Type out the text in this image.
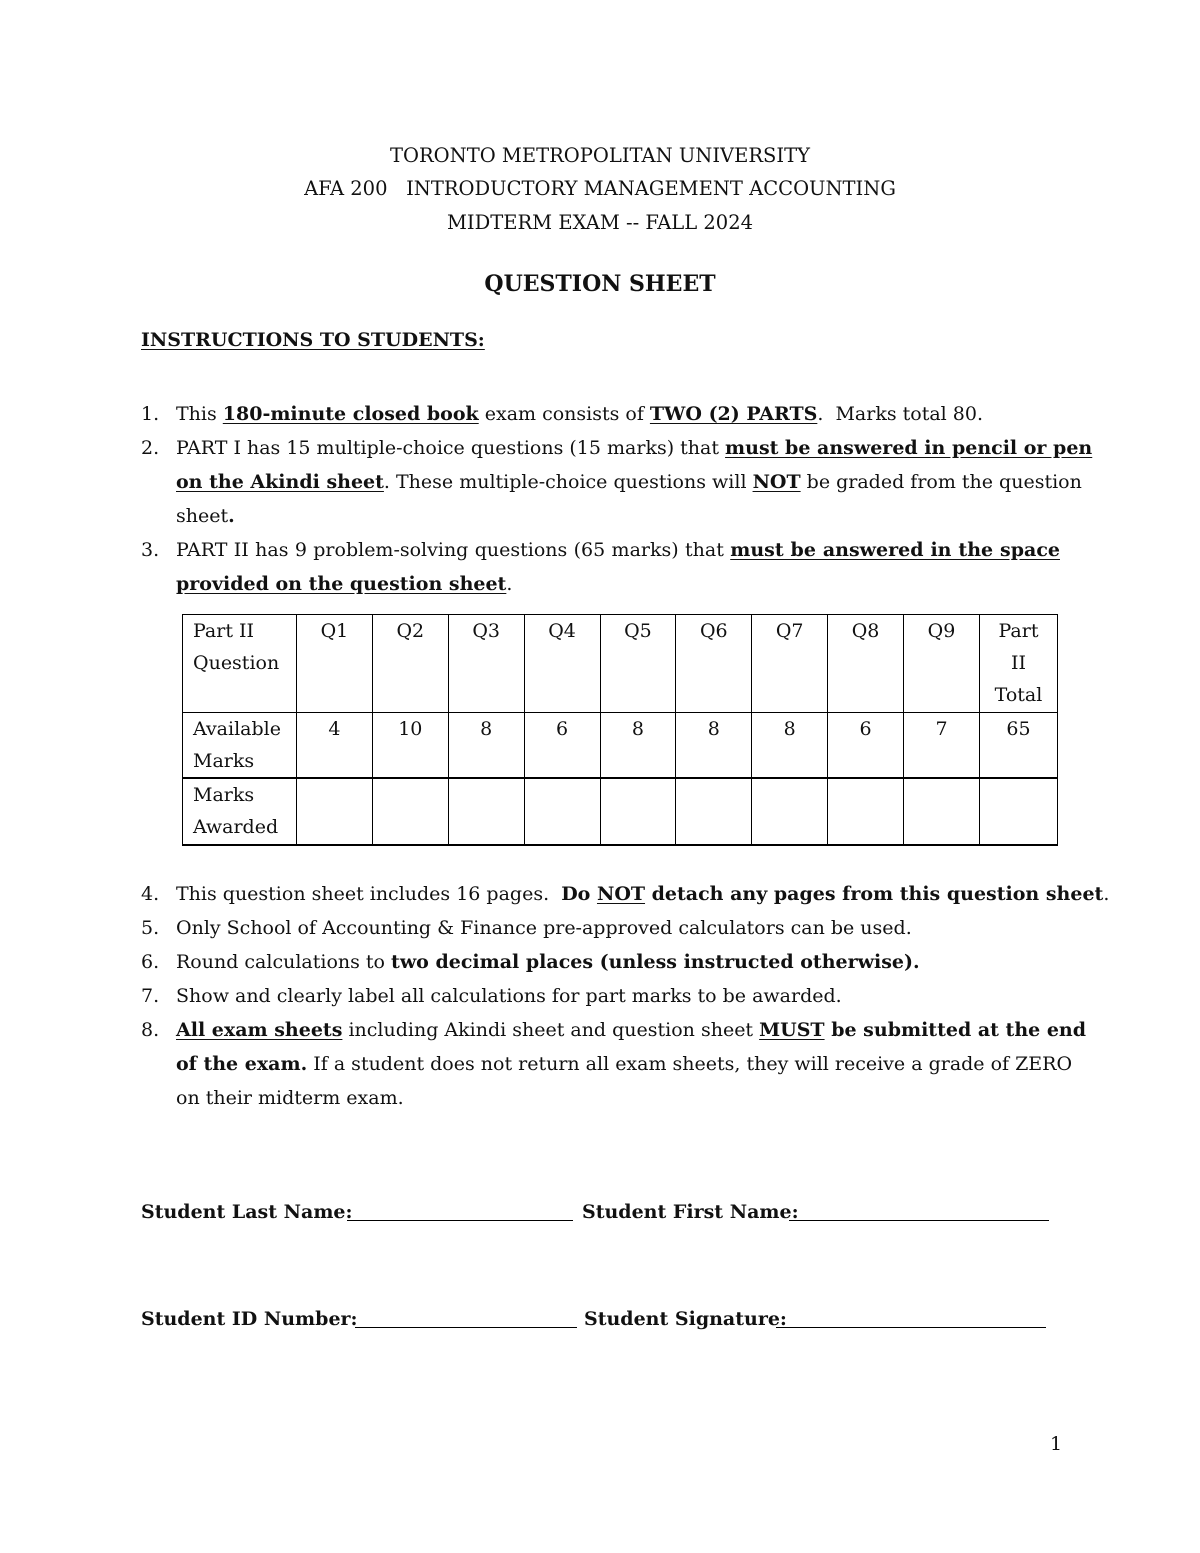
TORONTO METROPOLITAN UNIVERSITY
AFA 200   INTRODUCTORY MANAGEMENT ACCOUNTING
MIDTERM EXAM -- FALL 2024
QUESTION SHEET
INSTRUCTIONS TO STUDENTS:
1. This 180-minute closed book exam consists of TWO (2) PARTS.  Marks total 80.
2. PART I has 15 multiple-choice questions (15 marks) that must be answered in pencil or pen
on the Akindi sheet. These multiple-choice questions will NOT be graded from the question
sheet.
3. PART II has 9 problem-solving questions (65 marks) that must be answered in the space
provided on the question sheet.
Part II Question	Q1	Q2	Q3	Q4	Q5	Q6	Q7	Q8	Q9	Part II Total
Available Marks	4	10	8	6	8	8	8	6	7	65
Marks Awarded										
4. This question sheet includes 16 pages.  Do NOT detach any pages from this question sheet.
5. Only School of Accounting & Finance pre-approved calculators can be used.
6. Round calculations to two decimal places (unless instructed otherwise).
7. Show and clearly label all calculations for part marks to be awarded.
8. All exam sheets including Akindi sheet and question sheet MUST be submitted at the end
of the exam. If a student does not return all exam sheets, they will receive a grade of ZERO
on their midterm exam.
Student Last Name:	Student First Name:
Student ID Number:	Student Signature:
1
